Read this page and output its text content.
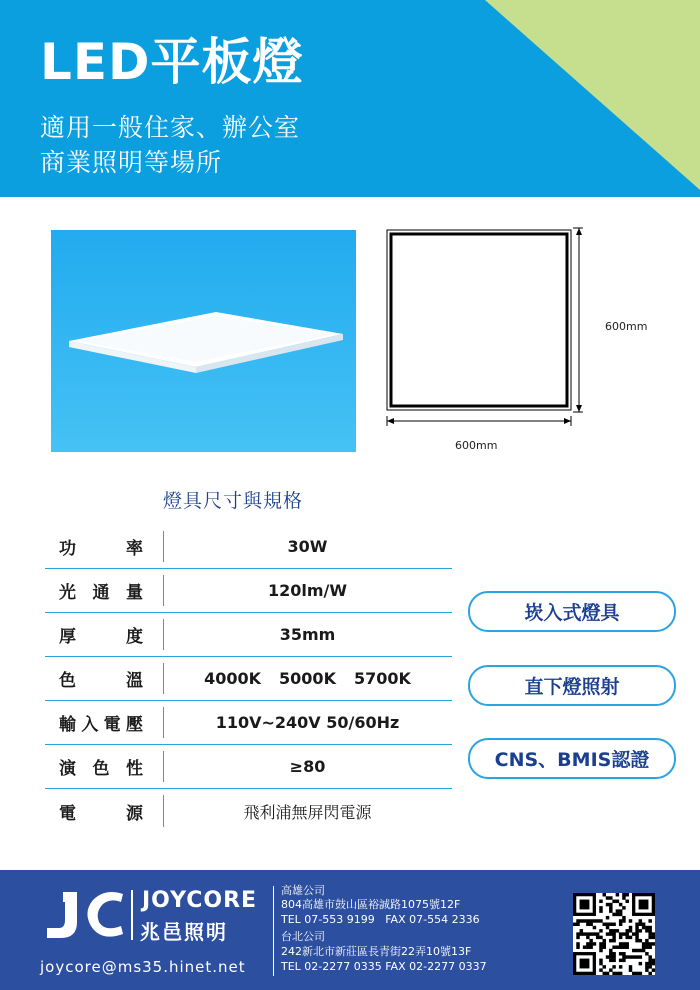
LED平板燈
適用一般住家、辦公室
商業照明等場所
600mm
600mm
燈具尺寸與規格
功率	30W
光通量	120lm/W
厚度	35mm
色溫	4000K 5000K 5700K
輸入電壓	110V~240V 50/60Hz
演色性	≥80
電源	飛利浦無屏閃電源
崁入式燈具
直下燈照射
CNS、BMIS認證
JOYCORE
兆邑照明
joycore@ms35.hinet.net
高雄公司
804高雄市鼓山區裕誠路1075號12F
TEL 07-553 9199   FAX 07-554 2336
台北公司
242新北市新莊區長青街22弄10號13F
TEL 02-2277 0335 FAX 02-2277 0337
